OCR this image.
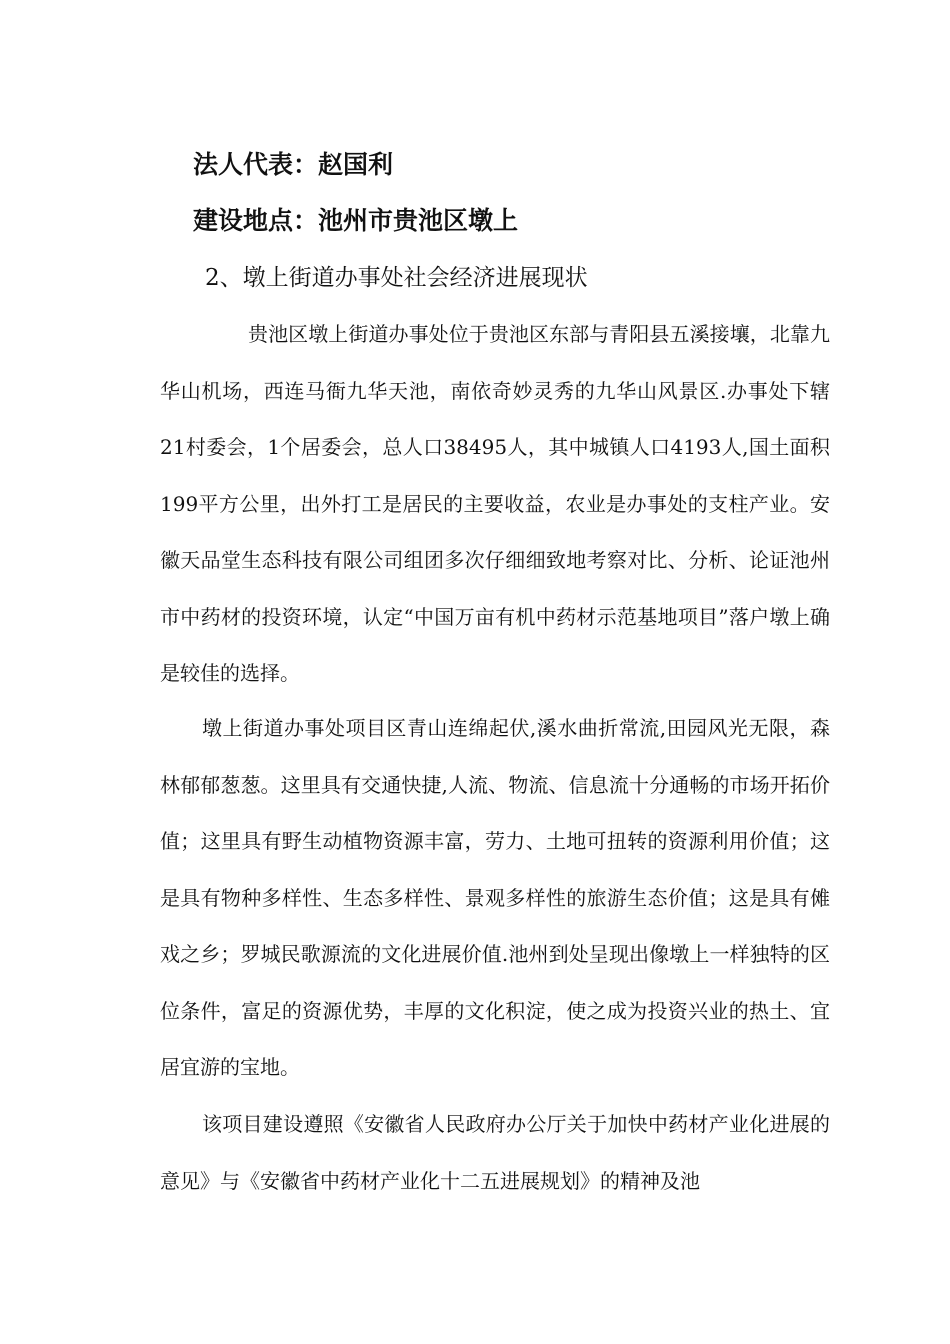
法人代表：赵国利
建设地点：池州市贵池区墩上
2、墩上街道办事处社会经济进展现状

贵池区墩上街道办事处位于贵池区东部与青阳县五溪接壤，北靠九华山机场，西连马衙九华天池，南依奇妙灵秀的九华山风景区.办事处下辖21村委会，1个居委会，总人口38495人，其中城镇人口4193人,国土面积199平方公里，出外打工是居民的主要收益，农业是办事处的支柱产业。安徽天品堂生态科技有限公司组团多次仔细细致地考察对比、分析、论证池州市中药材的投资环境，认定“中国万亩有机中药材示范基地项目”落户墩上确是较佳的选择。

墩上街道办事处项目区青山连绵起伏,溪水曲折常流,田园风光无限，森林郁郁葱葱。这里具有交通快捷,人流、物流、信息流十分通畅的市场开拓价值；这里具有野生动植物资源丰富，劳力、土地可扭转的资源利用价值；这是具有物种多样性、生态多样性、景观多样性的旅游生态价值；这是具有傩戏之乡；罗城民歌源流的文化进展价值.池州到处呈现出像墩上一样独特的区位条件，富足的资源优势，丰厚的文化积淀，使之成为投资兴业的热土、宜居宜游的宝地。

该项目建设遵照《安徽省人民政府办公厅关于加快中药材产业化进展的意见》与《安徽省中药材产业化十二五进展规划》的精神及池
